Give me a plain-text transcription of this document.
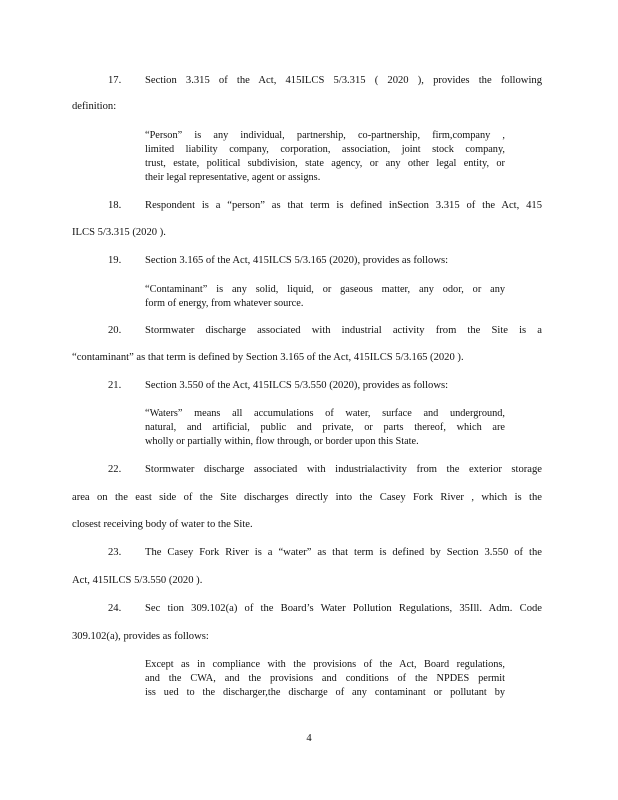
17. Section 3.315 of the Act, 415ILCS 5/3.315 ( 2020 ), provides the following
definition:
“Person” is any individual, partnership, co-partnership, firm,company ,
limited liability company, corporation, association, joint stock company,
trust, estate, political subdivision, state agency, or any other legal entity, or
their legal representative, agent or assigns.
18. Respondent is a “person” as that term is defined inSection 3.315 of the Act, 415
ILCS 5/3.315 (2020 ).
19. Section 3.165 of the Act, 415ILCS 5/3.165 (2020), provides as follows:
“Contaminant” is any solid, liquid, or gaseous matter, any odor, or any
form of energy, from whatever source.
20. Stormwater discharge associated with industrial activity from the Site is a
“contaminant” as that term is defined by Section 3.165 of the Act, 415ILCS 5/3.165 (2020 ).
21. Section 3.550 of the Act, 415ILCS 5/3.550 (2020), provides as follows:
“Waters” means all accumulations of water, surface and underground,
natural, and artificial, public and private, or parts thereof, which are
wholly or partially within, flow through, or border upon this State.
22. Stormwater discharge associated with industrialactivity from the exterior storage
area on the east side of the Site discharges directly into the Casey Fork River , which is the
closest receiving body of water to the Site.
23. The Casey Fork River is a “water” as that term is defined by Section 3.550 of the
Act, 415ILCS 5/3.550 (2020 ).
24. Sec tion 309.102(a) of the Board’s Water Pollution Regulations, 35Ill. Adm. Code
309.102(a), provides as follows:
Except as in compliance with the provisions of the Act, Board regulations,
and the CWA, and the provisions and conditions of the NPDES permit
iss ued to the discharger,the discharge of any contaminant or pollutant by
4
